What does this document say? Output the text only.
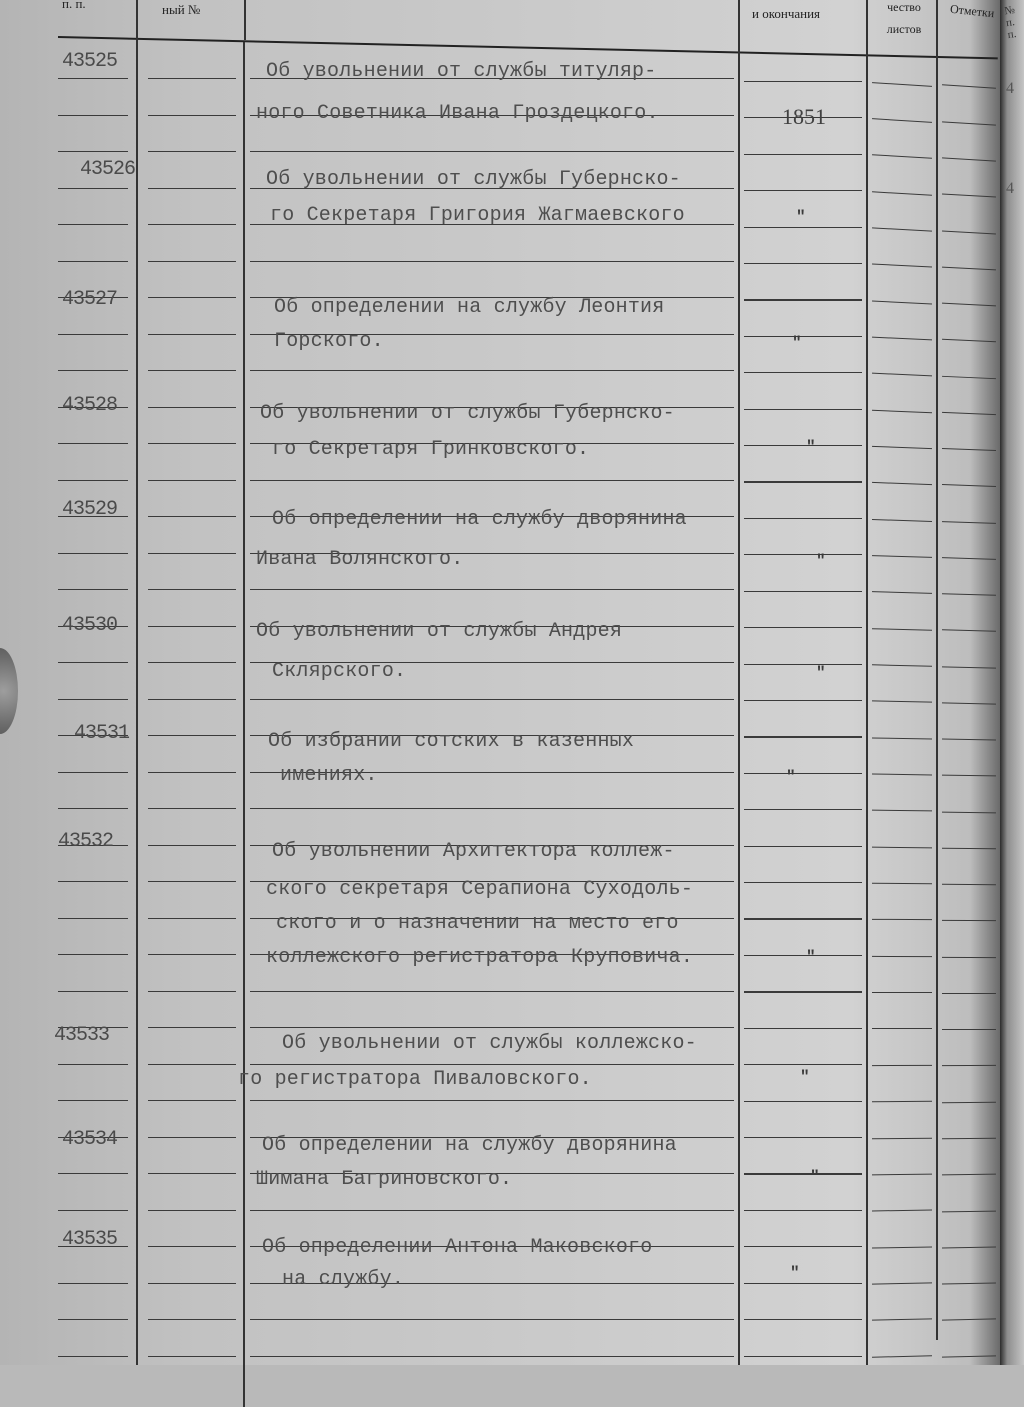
п. п.	ный №	и окончания	чество листов
Отметки
43525	Об увольнении от службы титуляр-
ного Советника Ивана Гроздецкого.	1851
43526	Об увольнении от службы Губернско-
го Секретаря Григория Жагмаевского	"
43527	Об определении на службу Леонтия
Горского.	"
43528	Об увольнении от службы Губернско-
го Секретаря Гринковского.	"
43529	Об определении на службу дворянина
Ивана Волянского.	"
43530	Об увольнении от службы Андрея
Склярского.	"
43531	Об избрании сотских в казенных
имениях.	"
43532	Об увольнении Архитектора коллеж-
ского секретаря Серапиона Суходоль-
ского и о назначении на место его
коллежского регистратора Круповича.	"
43533	Об увольнении от службы коллежско-
го регистратора Пивaловского.	"
43534	Об определении на службу дворянина
Шимана Багриновского.	"
43535	Об определении Антона Маковского
на службу.	"
№ п. п.
4
4
